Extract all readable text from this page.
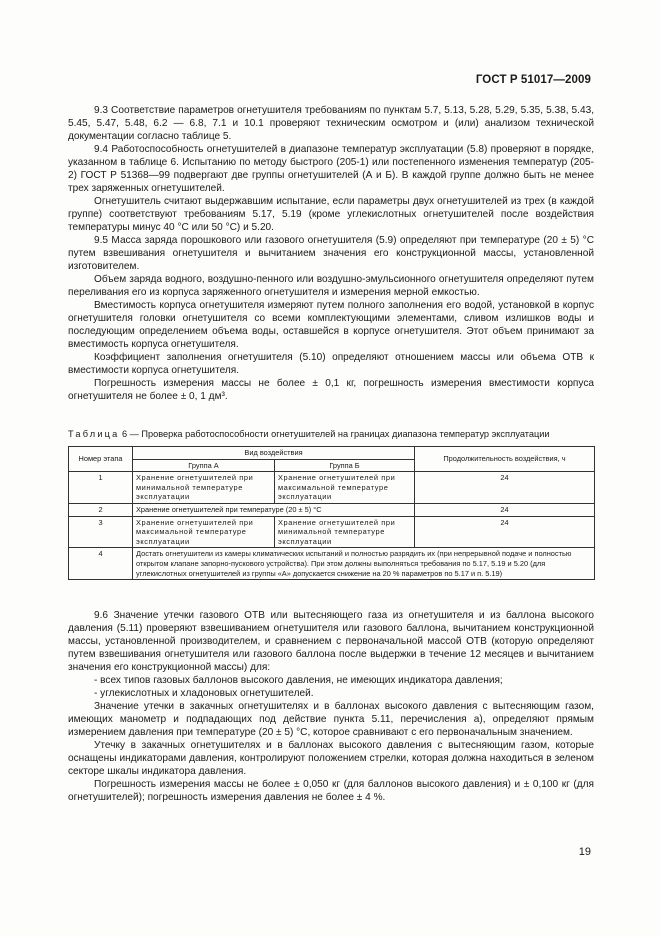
ГОСТ Р 51017—2009

9.3 Соответствие параметров огнетушителя требованиям по пунктам 5.7, 5.13, 5.28, 5.29, 5.35, 5.38, 5.43, 5.45, 5.47, 5.48, 6.2 — 6.8, 7.1 и 10.1 проверяют техническим осмотром и (или) анализом технической документации согласно таблице 5.

9.4 Работоспособность огнетушителей в диапазоне температур эксплуатации (5.8) проверяют в порядке, указанном в таблице 6. Испытанию по методу быстрого (205-1) или постепенного изменения температур (205-2) ГОСТ Р 51368—99 подвергают две группы огнетушителей (А и Б). В каждой группе должно быть не менее трех заряженных огнетушителей.

Огнетушитель считают выдержавшим испытание, если параметры двух огнетушителей из трех (в каждой группе) соответствуют требованиям 5.17, 5.19 (кроме углекислотных огнетушителей после воздействия температуры минус 40 °С или 50 °С) и 5.20.

9.5 Масса заряда порошкового или газового огнетушителя (5.9) определяют при температуре (20 ± 5) °С путем взвешивания огнетушителя и вычитанием значения его конструкционной массы, установленной изготовителем.

Объем заряда водного, воздушно-пенного или воздушно-эмульсионного огнетушителя определяют путем переливания его из корпуса заряженного огнетушителя и измерения мерной емкостью.

Вместимость корпуса огнетушителя измеряют путем полного заполнения его водой, установкой в корпус огнетушителя головки огнетушителя со всеми комплектующими элементами, сливом излишков воды и последующим определением объема воды, оставшейся в корпусе огнетушителя. Этот объем принимают за вместимость корпуса огнетушителя.

Коэффициент заполнения огнетушителя (5.10) определяют отношением массы или объема ОТВ к вместимости корпуса огнетушителя.

Погрешность измерения массы не более ± 0,1 кг, погрешность измерения вместимости корпуса огнетушителя не более ± 0, 1 дм³.

Таблица 6 — Проверка работоспособности огнетушителей на границах диапазона температур эксплуатации
Номер этапа	Вид воздействия		Продолжительность воздействия, ч
	Группа А	Группа Б	
1	Хранение огнетушителей при минимальной температуре эксплуатации	Хранение огнетушителей при максимальной температуре эксплуатации	24
2	Хранение огнетушителей при температуре (20 ± 5) °С		24
3	Хранение огнетушителей при максимальной температуре эксплуатации	Хранение огнетушителей при минимальной температуре эксплуатации	24
4	Достать огнетушители из камеры климатических испытаний и полностью разрядить их (при непрерывной подаче и полностью открытом клапане запорно-пускового устройства). При этом должны выполняться требования по 5.17, 5.19 и 5.20 (для углекислотных огнетушителей из группы «А» допускается снижение на 20 % параметров по 5.17 и п. 5.19)		

9.6 Значение утечки газового ОТВ или вытесняющего газа из огнетушителя и из баллона высокого давления (5.11) проверяют взвешиванием огнетушителя или газового баллона, вычитанием конструкционной массы, установленной производителем, и сравнением с первоначальной массой ОТВ (которую определяют путем взвешивания огнетушителя или газового баллона после выдержки в течение 12 месяцев и вычитанием значения его конструкционной массы) для:

- всех типов газовых баллонов высокого давления, не имеющих индикатора давления;

- углекислотных и хладоновых огнетушителей.

Значение утечки в закачных огнетушителях и в баллонах высокого давления с вытесняющим газом, имеющих манометр и подпадающих под действие пункта 5.11, перечисления а), определяют прямым измерением давления при температуре (20 ± 5) °С, которое сравнивают с его первоначальным значением.

Утечку в закачных огнетушителях и в баллонах высокого давления с вытесняющим газом, которые оснащены индикаторами давления, контролируют положением стрелки, которая должна находиться в зеленом секторе шкалы индикатора давления.

Погрешность измерения массы не более ± 0,050 кг (для баллонов высокого давления) и ± 0,100 кг (для огнетушителей); погрешность измерения давления не более ± 4 %.

19
